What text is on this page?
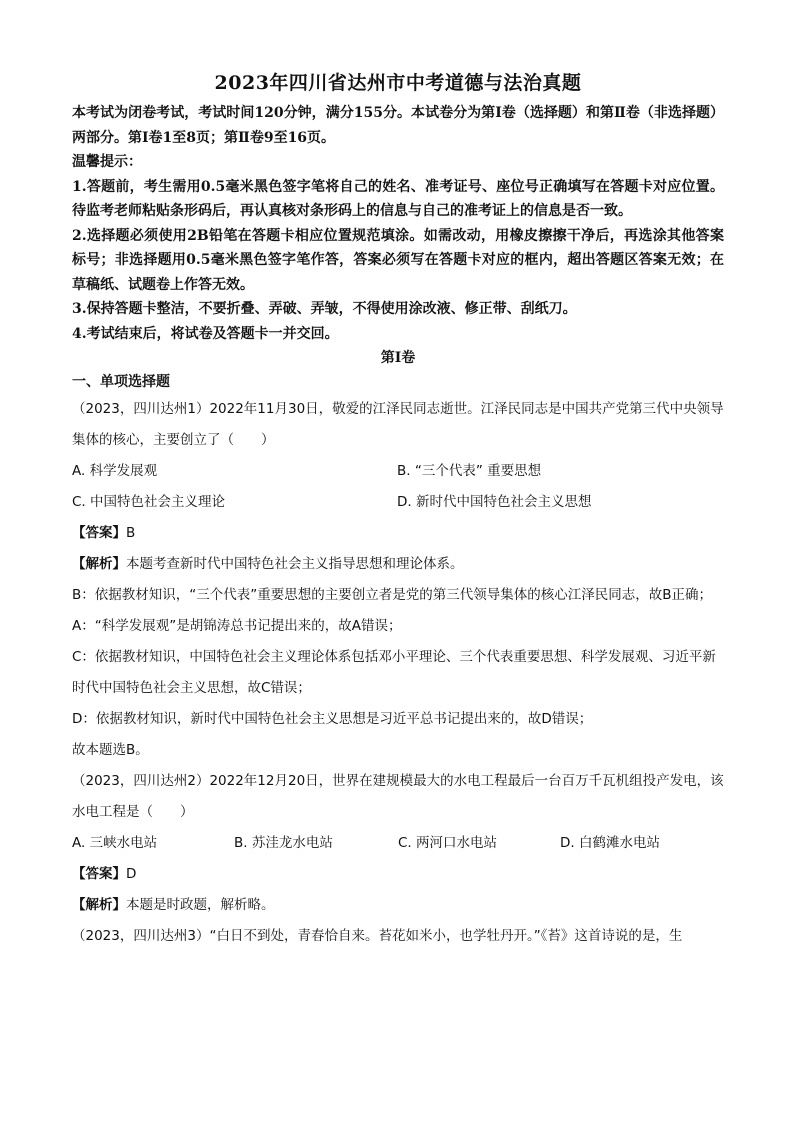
2023年四川省达州市中考道德与法治真题

本考试为闭卷考试，考试时间120分钟，满分155分。本试卷分为第Ⅰ卷（选择题）和第Ⅱ卷（非选择题）两部分。第Ⅰ卷1至8页；第Ⅱ卷9至16页。

温馨提示：

1.答题前，考生需用0.5毫米黑色签字笔将自己的姓名、准考证号、座位号正确填写在答题卡对应位置。待监考老师粘贴条形码后，再认真核对条形码上的信息与自己的准考证上的信息是否一致。

2.选择题必须使用2B铅笔在答题卡相应位置规范填涂。如需改动，用橡皮擦擦干净后，再选涂其他答案标号；非选择题用0.5毫米黑色签字笔作答，答案必须写在答题卡对应的框内，超出答题区答案无效；在草稿纸、试题卷上作答无效。

3.保持答题卡整洁，不要折叠、弄破、弄皱，不得使用涂改液、修正带、刮纸刀。

4.考试结束后，将试卷及答题卡一并交回。

第Ⅰ卷

一、单项选择题

（2023，四川达州1）2022年11月30日，敬爱的江泽民同志逝世。江泽民同志是中国共产党第三代中央领导集体的核心，主要创立了（　　）

A. 科学发展观	B. “三个代表” 重要思想
C. 中国特色社会主义理论	D. 新时代中国特色社会主义思想

【答案】B

【解析】本题考查新时代中国特色社会主义指导思想和理论体系。

B：依据教材知识，“三个代表”重要思想的主要创立者是党的第三代领导集体的核心江泽民同志，故B正确；

A：“科学发展观”是胡锦涛总书记提出来的，故A错误；

C：依据教材知识，中国特色社会主义理论体系包括邓小平理论、三个代表重要思想、科学发展观、习近平新时代中国特色社会主义思想，故C错误；

D：依据教材知识，新时代中国特色社会主义思想是习近平总书记提出来的，故D错误；

故本题选B。

（2023，四川达州2）2022年12月20日，世界在建规模最大的水电工程最后一台百万千瓦机组投产发电，该水电工程是（　　）

A. 三峡水电站	B. 苏洼龙水电站	C. 两河口水电站	D. 白鹤滩水电站

【答案】D

【解析】本题是时政题，解析略。

（2023，四川达州3）“白日不到处，青春恰自来。苔花如米小，也学牡丹开。”《苔》这首诗说的是，生
